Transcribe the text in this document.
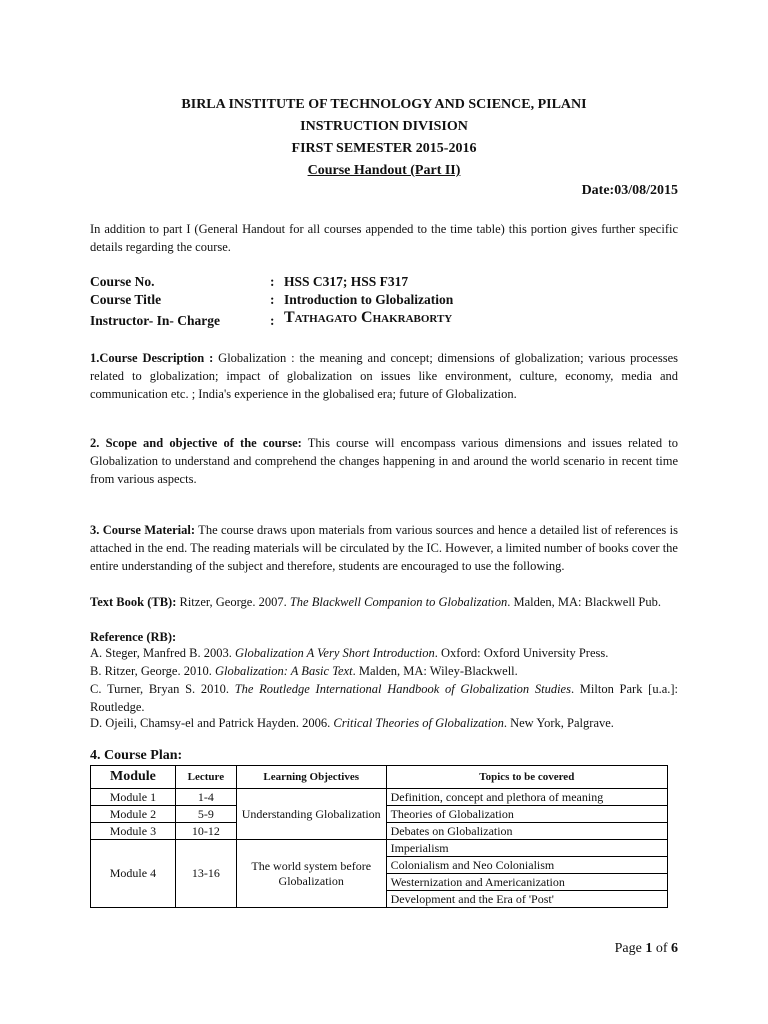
BIRLA INSTITUTE OF TECHNOLOGY AND SCIENCE, PILANI
INSTRUCTION DIVISION
FIRST SEMESTER 2015-2016
Course Handout (Part II)
Date:03/08/2015
In addition to part I (General Handout for all courses appended to the time table) this portion gives further specific details regarding the course.
Course No.	: HSS C317; HSS F317
Course Title	: Introduction to Globalization
Instructor- In- Charge	: Tathagato Chakraborty
1.Course Description : Globalization : the meaning and concept; dimensions of globalization; various processes related to globalization; impact of globalization on issues like environment, culture, economy, media and communication etc. ; India's experience in the globalised era; future of Globalization.
2. Scope and objective of the course: This course will encompass various dimensions and issues related to Globalization to understand and comprehend the changes happening in and around the world scenario in recent time from various aspects.
3. Course Material: The course draws upon materials from various sources and hence a detailed list of references is attached in the end. The reading materials will be circulated by the IC. However, a limited number of books cover the entire understanding of the subject and therefore, students are encouraged to use the following.
Text Book (TB): Ritzer, George. 2007. The Blackwell Companion to Globalization. Malden, MA: Blackwell Pub.
Reference (RB):
A. Steger, Manfred B. 2003. Globalization A Very Short Introduction. Oxford: Oxford University Press.
B. Ritzer, George. 2010. Globalization: A Basic Text. Malden, MA: Wiley-Blackwell.
C. Turner, Bryan S. 2010. The Routledge International Handbook of Globalization Studies. Milton Park [u.a.]: Routledge.
D. Ojeili, Chamsy-el and Patrick Hayden. 2006. Critical Theories of Globalization. New York, Palgrave.
4. Course Plan:
Module	Lecture	Learning Objectives	Topics to be covered
Module 1	1-4	Understanding Globalization	Definition, concept and plethora of meaning
Module 2	5-9		Theories of Globalization
Module 3	10-12		Debates on Globalization
Module 4	13-16	The world system before Globalization	Imperialism
			Colonialism and Neo Colonialism
			Westernization and Americanization
			Development and the Era of 'Post'
Page 1 of 6
